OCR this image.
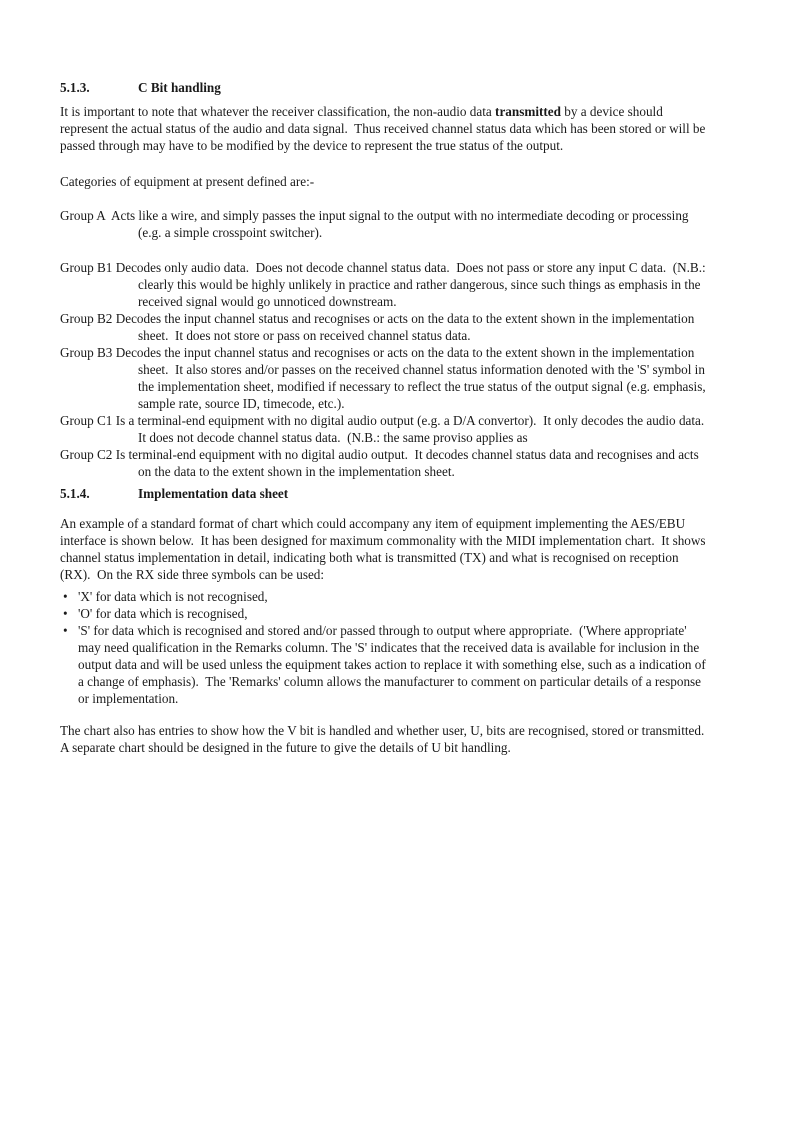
5.1.3.	C Bit handling

It is important to note that whatever the receiver classification, the non-audio data transmitted by a device should represent the actual status of the audio and data signal.  Thus received channel status data which has been stored or will be passed through may have to be modified by the device to represent the true status of the output.

Categories of equipment at present defined are:-

Group A  Acts like a wire, and simply passes the input signal to the output with no intermediate decoding or processing (e.g. a simple crosspoint switcher).
Group B1 Decodes only audio data.  Does not decode channel status data.  Does not pass or store any input C data.  (N.B.: clearly this would be highly unlikely in practice and rather dangerous, since such things as emphasis in the received signal would go unnoticed downstream.
Group B2 Decodes the input channel status and recognises or acts on the data to the extent shown in the implementation sheet.  It does not store or pass on received channel status data.
Group B3 Decodes the input channel status and recognises or acts on the data to the extent shown in the implementation sheet.  It also stores and/or passes on the received channel status information denoted with the 'S' symbol in the implementation sheet, modified if necessary to reflect the true status of the output signal (e.g. emphasis, sample rate, source ID, timecode, etc.).
Group C1 Is a terminal-end equipment with no digital audio output (e.g. a D/A convertor).  It only decodes the audio data.  It does not decode channel status data.  (N.B.: the same proviso applies as
Group C2 Is terminal-end equipment with no digital audio output.  It decodes channel status data and recognises and acts on the data to the extent shown in the implementation sheet.
5.1.4.	Implementation data sheet

An example of a standard format of chart which could accompany any item of equipment implementing the AES/EBU interface is shown below.  It has been designed for maximum commonality with the MIDI implementation chart.  It shows channel status implementation in detail, indicating both what is transmitted (TX) and what is recognised on reception (RX).  On the RX side three symbols can be used:

• 'X' for data which is not recognised,
• 'O' for data which is recognised,
• 'S' for data which is recognised and stored and/or passed through to output where appropriate.  ('Where appropriate' may need qualification in the Remarks column. The 'S' indicates that the received data is available for inclusion in the output data and will be used unless the equipment takes action to replace it with something else, such as a indication of a change of emphasis).  The 'Remarks' column allows the manufacturer to comment on particular details of a response or implementation.

The chart also has entries to show how the V bit is handled and whether user, U, bits are recognised, stored or transmitted.  A separate chart should be designed in the future to give the details of U bit handling.
